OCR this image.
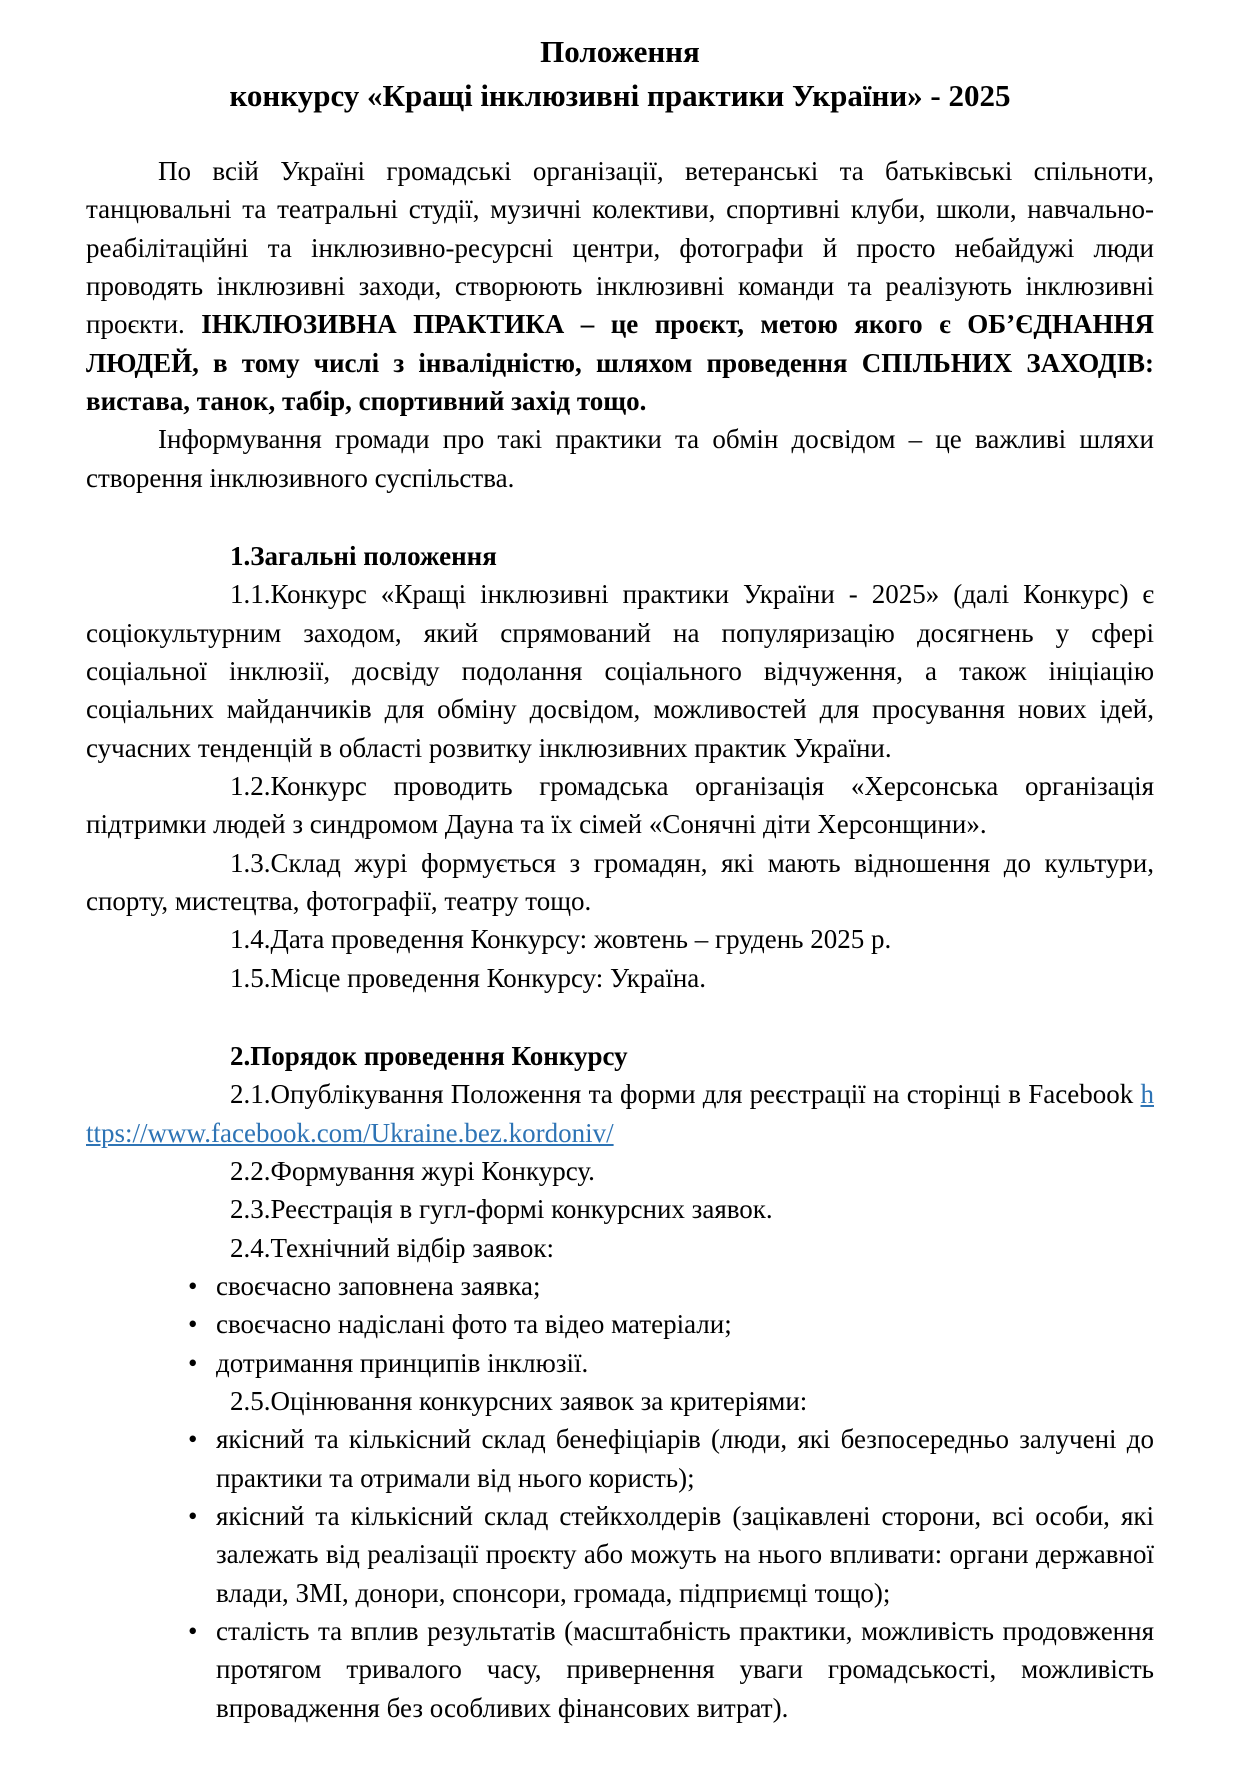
Положення
конкурсу «Кращі інклюзивні практики України» - 2025

По всій Україні громадські організації, ветеранські та батьківські спільноти, танцювальні та театральні студії, музичні колективи, спортивні клуби, школи, навчально-реабілітаційні та інклюзивно-ресурсні центри, фотографи й просто небайдужі люди проводять інклюзивні заходи, створюють інклюзивні команди та реалізують інклюзивні проєкти. ІНКЛЮЗИВНА ПРАКТИКА – це проєкт, метою якого є ОБ’ЄДНАННЯ ЛЮДЕЙ, в тому числі з інвалідністю, шляхом проведення СПІЛЬНИХ ЗАХОДІВ: вистава, танок, табір, спортивний захід тощо.

Інформування громади про такі практики та обмін досвідом – це важливі шляхи створення інклюзивного суспільства.

1.Загальні положення

1.1.Конкурс «Кращі інклюзивні практики України - 2025» (далі Конкурс) є соціокультурним заходом, який спрямований на популяризацію досягнень у сфері соціальної інклюзії, досвіду подолання соціального відчуження, а також ініціацію соціальних майданчиків для обміну досвідом, можливостей для просування нових ідей, сучасних тенденцій в області розвитку інклюзивних практик України.

1.2.Конкурс проводить громадська організація «Херсонська організація підтримки людей з синдромом Дауна та їх сімей «Сонячні діти Херсонщини».

1.3.Склад журі формується з громадян, які мають відношення до культури, спорту, мистецтва, фотографії, театру тощо.

1.4.Дата проведення Конкурсу: жовтень – грудень 2025 р.

1.5.Місце проведення Конкурсу: Україна.

2.Порядок проведення Конкурсу

2.1.Опублікування Положення та форми для реєстрації на сторінці в Facebook https://www.facebook.com/Ukraine.bez.kordoniv/

2.2.Формування журі Конкурсу.

2.3.Реєстрація в гугл-формі конкурсних заявок.

2.4.Технічний відбір заявок:

• своєчасно заповнена заявка;
• своєчасно надіслані фото та відео матеріали;
• дотримання принципів інклюзії.

2.5.Оцінювання конкурсних заявок за критеріями:

• якісний та кількісний склад бенефіціарів (люди, які безпосередньо залучені до практики та отримали від нього користь);
• якісний та кількісний склад стейкхолдерів (зацікавлені сторони, всі особи, які залежать від реалізації проєкту або можуть на нього впливати: органи державної влади, ЗМІ, донори, спонсори, громада, підприємці тощо);
• сталість та вплив результатів (масштабність практики, можливість продовження протягом тривалого часу, привернення уваги громадськості, можливість впровадження без особливих фінансових витрат).
